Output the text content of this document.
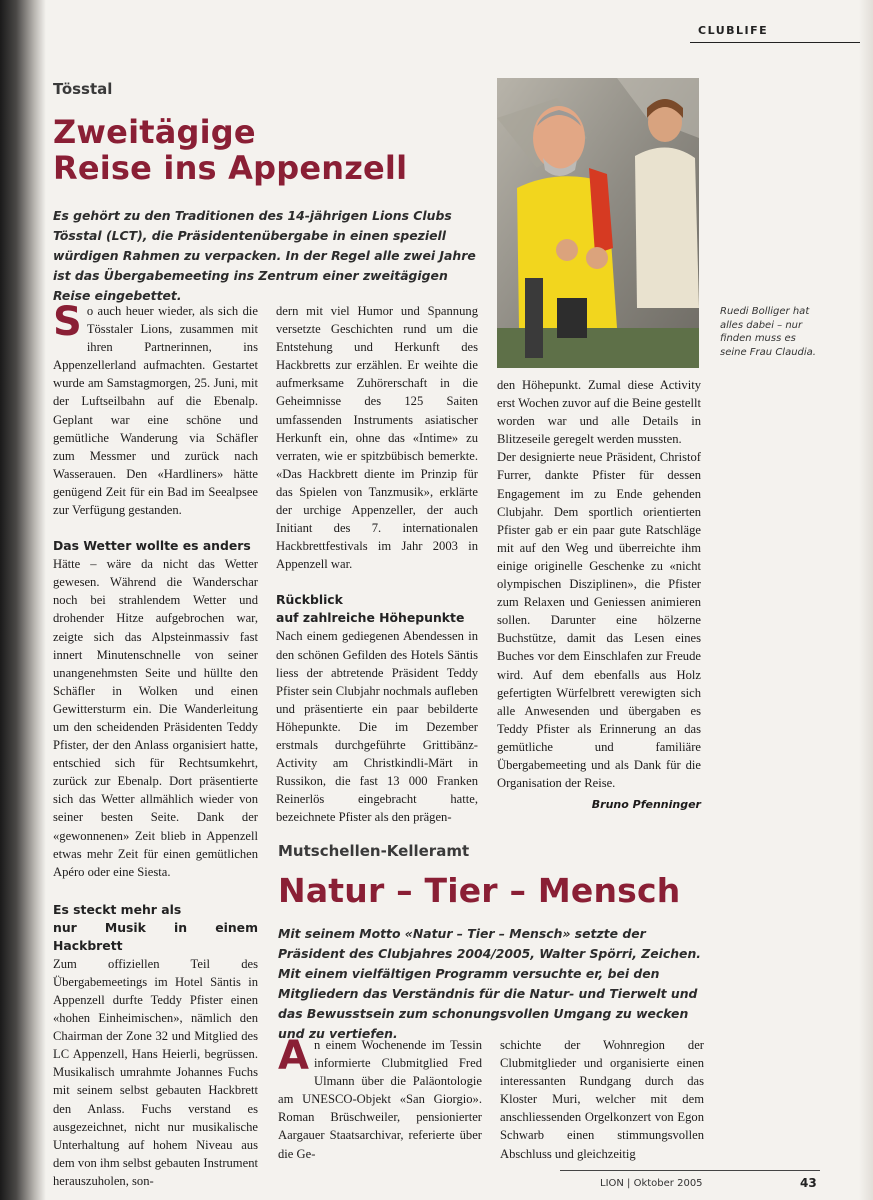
CLUBLIFE
Tösstal
Zweitägige
Reise ins Appenzell
Es gehört zu den Traditionen des 14-jährigen Lions Clubs Tösstal (LCT), die Präsidentenübergabe in einen speziell würdigen Rahmen zu verpacken. In der Regel alle zwei Jahre ist das Übergabemeeting ins Zentrum einer zweitägigen Reise eingebettet.

So auch heuer wieder, als sich die Tösstaler Lions, zusammen mit ihren Partnerinnen, ins Appenzellerland aufmachten. Gestartet wurde am Samstagmorgen, 25. Juni, mit der Luftseilbahn auf die Ebenalp. Geplant war eine schöne und gemütliche Wanderung via Schäfler zum Messmer und zurück nach Wasserauen. Den «Hardliners» hätte genügend Zeit für ein Bad im Seealpsee zur Verfügung gestanden.

Das Wetter wollte es anders

Hätte – wäre da nicht das Wetter gewesen. Während die Wanderschar noch bei strahlendem Wetter und drohender Hitze aufgebrochen war, zeigte sich das Alpsteinmassiv fast innert Minutenschnelle von seiner unangenehmsten Seite und hüllte den Schäfler in Wolken und einen Gewittersturm ein. Die Wanderleitung um den scheidenden Präsidenten Teddy Pfister, der den Anlass organisiert hatte, entschied sich für Rechtsumkehrt, zurück zur Ebenalp. Dort präsentierte sich das Wetter allmählich wieder von seiner besten Seite. Dank der «gewonnenen» Zeit blieb in Appenzell etwas mehr Zeit für einen gemütlichen Apéro oder eine Siesta.

Es steckt mehr als
nur Musik in einem Hackbrett

Zum offiziellen Teil des Übergabemeetings im Hotel Säntis in Appenzell durfte Teddy Pfister einen «hohen Einheimischen», nämlich den Chairman der Zone 32 und Mitglied des LC Appenzell, Hans Heierli, begrüssen. Musikalisch umrahmte Johannes Fuchs mit seinem selbst gebauten Hackbrett den Anlass. Fuchs verstand es ausgezeichnet, nicht nur musikalische Unterhaltung auf hohem Niveau aus dem von ihm selbst gebauten Instrument herauszuholen, son-

dern mit viel Humor und Spannung versetzte Geschichten rund um die Entstehung und Herkunft des Hackbretts zur erzählen. Er weihte die aufmerksame Zuhörerschaft in die Geheimnisse des 125 Saiten umfassenden Instruments asiatischer Herkunft ein, ohne das «Intime» zu verraten, wie er spitzbübisch bemerkte. «Das Hackbrett diente im Prinzip für das Spielen von Tanzmusik», erklärte der urchige Appenzeller, der auch Initiant des 7. internationalen Hackbrettfestivals im Jahr 2003 in Appenzell war.

Rückblick
auf zahlreiche Höhepunkte

Nach einem gediegenen Abendessen in den schönen Gefilden des Hotels Säntis liess der abtretende Präsident Teddy Pfister sein Clubjahr nochmals aufleben und präsentierte ein paar bebilderte Höhepunkte. Die im Dezember erstmals durchgeführte Grittibänz-Activity am Christkindli-Märt in Russikon, die fast 13 000 Franken Reinerlös eingebracht hatte, bezeichnete Pfister als den prägen-

Ruedi Bolliger hat alles dabei – nur finden muss es seine Frau Claudia.

den Höhepunkt. Zumal diese Activity erst Wochen zuvor auf die Beine gestellt worden war und alle Details in Blitzeseile geregelt werden mussten.

Der designierte neue Präsident, Christof Furrer, dankte Pfister für dessen Engagement im zu Ende gehenden Clubjahr. Dem sportlich orientierten Pfister gab er ein paar gute Ratschläge mit auf den Weg und überreichte ihm einige originelle Geschenke zu «nicht olympischen Disziplinen», die Pfister zum Relaxen und Geniessen animieren sollen. Darunter eine hölzerne Buchstütze, damit das Lesen eines Buches vor dem Einschlafen zur Freude wird. Auf dem ebenfalls aus Holz gefertigten Würfelbrett verewigten sich alle Anwesenden und übergaben es Teddy Pfister als Erinnerung an das gemütliche und familiäre Übergabemeeting und als Dank für die Organisation der Reise.

Bruno Pfenninger
Mutschellen-Kelleramt
Natur – Tier – Mensch
Mit seinem Motto «Natur – Tier – Mensch» setzte der Präsident des Clubjahres 2004/2005, Walter Spörri, Zeichen. Mit einem vielfältigen Programm versuchte er, bei den Mitgliedern das Verständnis für die Natur- und Tierwelt und das Bewusstsein zum schonungsvollen Umgang zu wecken und zu vertiefen.

An einem Wochenende im Tessin informierte Clubmitglied Fred Ulmann über die Paläontologie am UNESCO-Objekt «San Giorgio». Roman Brüschweiler, pensionierter Aargauer Staatsarchivar, referierte über die Ge-

schichte der Wohnregion der Clubmitglieder und organisierte einen interessanten Rundgang durch das Kloster Muri, welcher mit dem anschliessenden Orgelkonzert von Egon Schwarb einen stimmungsvollen Abschluss und gleichzeitig

LION | Oktober 2005	43
